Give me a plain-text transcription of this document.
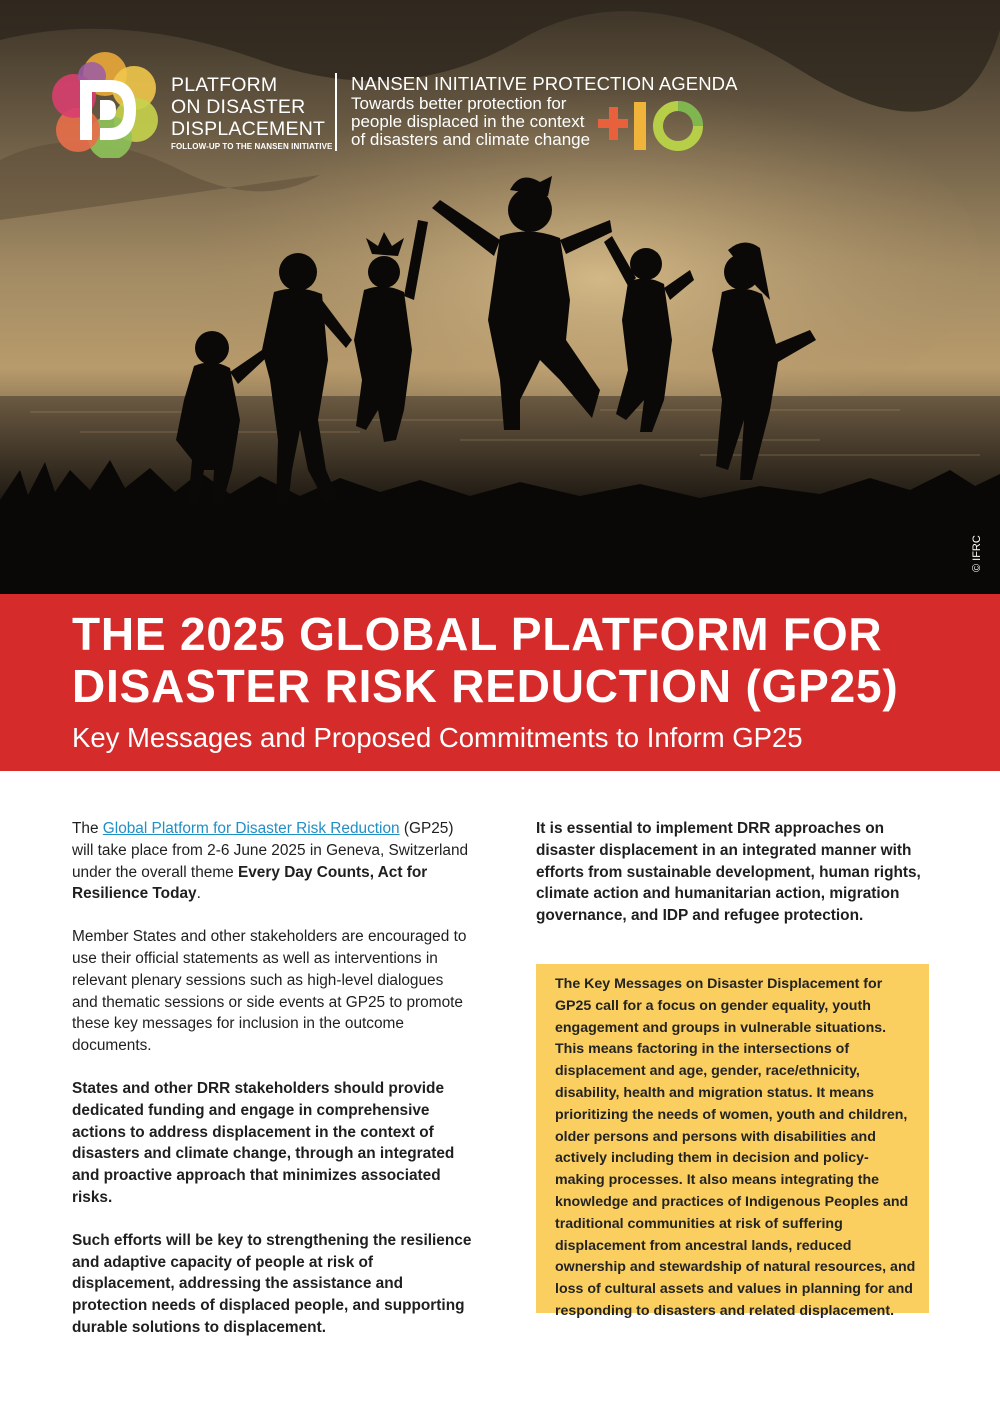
PLATFORM
ON DISASTER
DISPLACEMENT
FOLLOW-UP TO THE NANSEN INITIATIVE
NANSEN INITIATIVE PROTECTION AGENDA
Towards better protection for
people displaced in the context
of disasters and climate change
+10
© IFRC
THE 2025 GLOBAL PLATFORM FOR
DISASTER RISK REDUCTION (GP25)
Key Messages and Proposed Commitments to Inform GP25

The Global Platform for Disaster Risk Reduction (GP25) will take place from 2-6 June 2025 in Geneva, Switzerland under the overall theme Every Day Counts, Act for Resilience Today.

Member States and other stakeholders are encouraged to use their official statements as well as interventions in relevant plenary sessions such as high-level dialogues and thematic sessions or side events at GP25 to promote these key messages for inclusion in the outcome documents.

States and other DRR stakeholders should provide dedicated funding and engage in comprehensive actions to address displacement in the context of disasters and climate change, through an integrated and proactive approach that minimizes associated risks.

Such efforts will be key to strengthening the resilience and adaptive capacity of people at risk of displacement, addressing the assistance and protection needs of displaced people, and supporting durable solutions to displacement.

It is essential to implement DRR approaches on disaster displacement in an integrated manner with efforts from sustainable development, human rights, climate action and humanitarian action, migration governance, and IDP and refugee protection.

The Key Messages on Disaster Displacement for GP25 call for a focus on gender equality, youth engagement and groups in vulnerable situations. This means factoring in the intersections of displacement and age, gender, race/ethnicity, disability, health and migration status. It means prioritizing the needs of women, youth and children, older persons and persons with disabilities and actively including them in decision and policy-making processes. It also means integrating the knowledge and practices of Indigenous Peoples and traditional communities at risk of suffering displacement from ancestral lands, reduced ownership and stewardship of natural resources, and loss of cultural assets and values in planning for and responding to disasters and related displacement.
